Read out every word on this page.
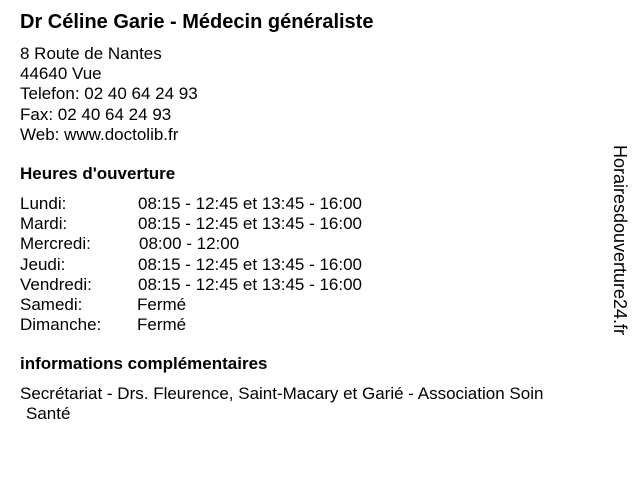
Dr Céline Garie - Médecin généraliste
8 Route de Nantes
44640 Vue
Telefon: 02 40 64 24 93
Fax: 02 40 64 24 93
Web: www.doctolib.fr
Heures d'ouverture
Lundi:	08:15 - 12:45 et 13:45 - 16:00
Mardi:	08:15 - 12:45 et 13:45 - 16:00
Mercredi:	08:00 - 12:00
Jeudi:	08:15 - 12:45 et 13:45 - 16:00
Vendredi:	08:15 - 12:45 et 13:45 - 16:00
Samedi:	Fermé
Dimanche: Fermé
informations complémentaires
Secrétariat - Drs. Fleurence, Saint-Macary et Garié - Association Soin
Santé
Horairesdouverture24.fr
